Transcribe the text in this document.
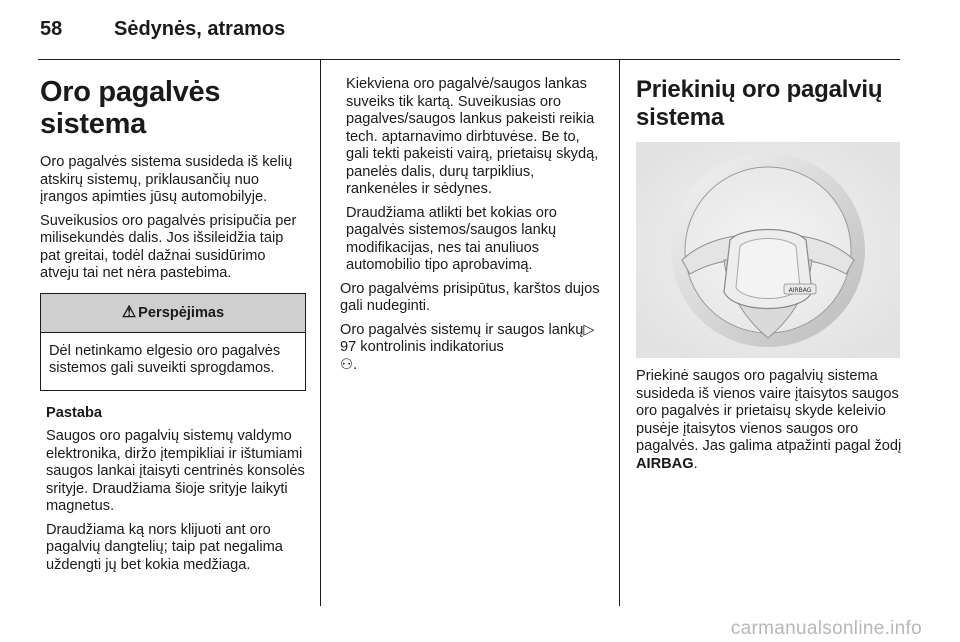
58	Sėdynės, atramos
Oro pagalvės sistema

Oro pagalvės sistema susideda iš kelių atskirų sistemų, priklausančių nuo įrangos apimties jūsų automobilyje.

Suveikusios oro pagalvės prisipučia per milisekundės dalis. Jos išsileidžia taip pat greitai, todėl dažnai susidūrimo atveju tai net nėra pastebima.

⚠ Perspėjimas
Dėl netinkamo elgesio oro pagalvės sistemos gali suveikti sprogdamos.

Pastaba

Saugos oro pagalvių sistemų valdymo elektronika, diržo įtempikliai ir ištumiami saugos lankai įtaisyti centrinės konsolės srityje. Draudžiama šioje srityje laikyti magnetus.

Draudžiama ką nors klijuoti ant oro pagalvių dangtelių; taip pat negalima uždengti jų bet kokia medžiaga.

Kiekviena oro pagalvė/saugos lankas suveiks tik kartą. Suveikusias oro pagalves/saugos lankus pakeisti reikia tech. aptarnavimo dirbtuvėse. Be to, gali tekti pakeisti vairą, prietaisų skydą, panelės dalis, durų tarpiklius, rankenėles ir sėdynes.

Draudžiama atlikti bet kokias oro pagalvės sistemos/saugos lankų modifikacijas, nes tai anuliuos automobilio tipo aprobavimą.

Oro pagalvėms prisipūtus, karštos dujos gali nudeginti.

Oro pagalvės sistemų ir saugos lankų▷ 97 kontrolinis indikatorius
⚇.

Priekinių oro pagalvių sistema
AIRBAG

Priekinė saugos oro pagalvių sistema susideda iš vienos vaire įtaisytos saugos oro pagalvės ir prietaisų skyde keleivio pusėje įtaisytos vienos saugos oro pagalvės. Jas galima atpažinti pagal žodį AIRBAG.

carmanualsonline.info
